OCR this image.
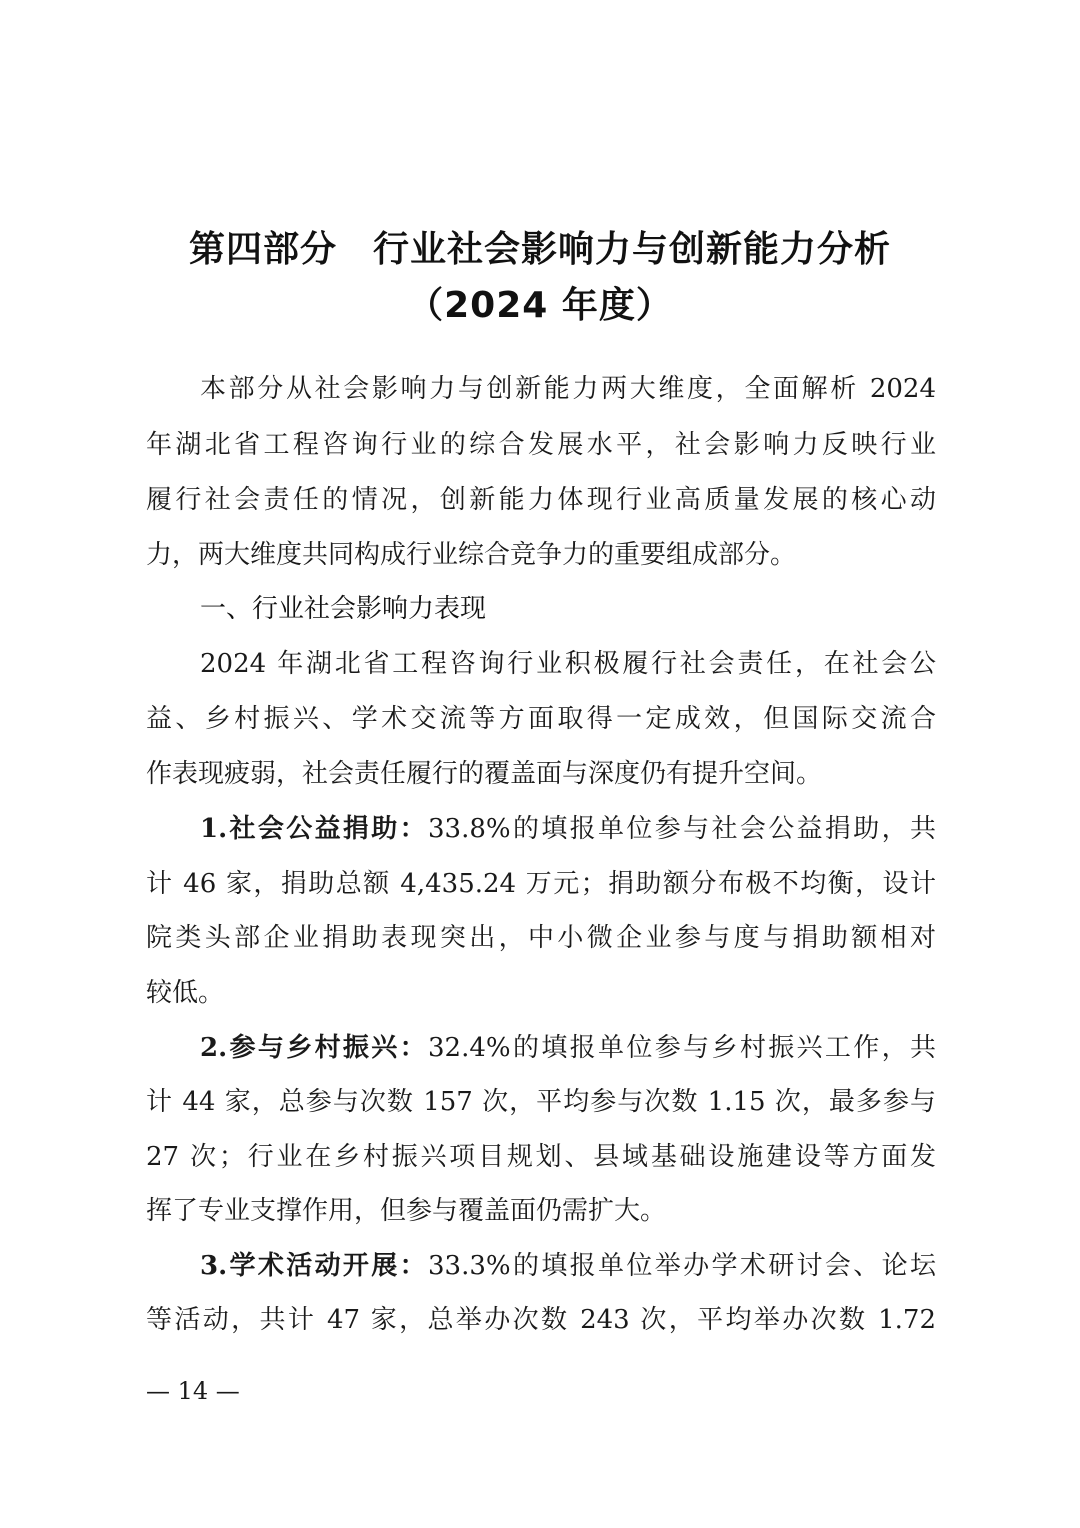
第四部分 行业社会影响力与创新能力分析
（2024 年度）
本部分从社会影响力与创新能力两大维度，全面解析 2024
年湖北省工程咨询行业的综合发展水平，社会影响力反映行业
履行社会责任的情况，创新能力体现行业高质量发展的核心动
力，两大维度共同构成行业综合竞争力的重要组成部分。
一、行业社会影响力表现
2024 年湖北省工程咨询行业积极履行社会责任，在社会公
益、乡村振兴、学术交流等方面取得一定成效，但国际交流合
作表现疲弱，社会责任履行的覆盖面与深度仍有提升空间。
1.社会公益捐助：33.8%的填报单位参与社会公益捐助，共
计 46 家，捐助总额 4,435.24 万元；捐助额分布极不均衡，设计
院类头部企业捐助表现突出，中小微企业参与度与捐助额相对
较低。
2.参与乡村振兴：32.4%的填报单位参与乡村振兴工作，共
计 44 家，总参与次数 157 次，平均参与次数 1.15 次，最多参与
27 次；行业在乡村振兴项目规划、县域基础设施建设等方面发
挥了专业支撑作用，但参与覆盖面仍需扩大。
3.学术活动开展：33.3%的填报单位举办学术研讨会、论坛
等活动，共计 47 家，总举办次数 243 次，平均举办次数 1.72
— 14 —
